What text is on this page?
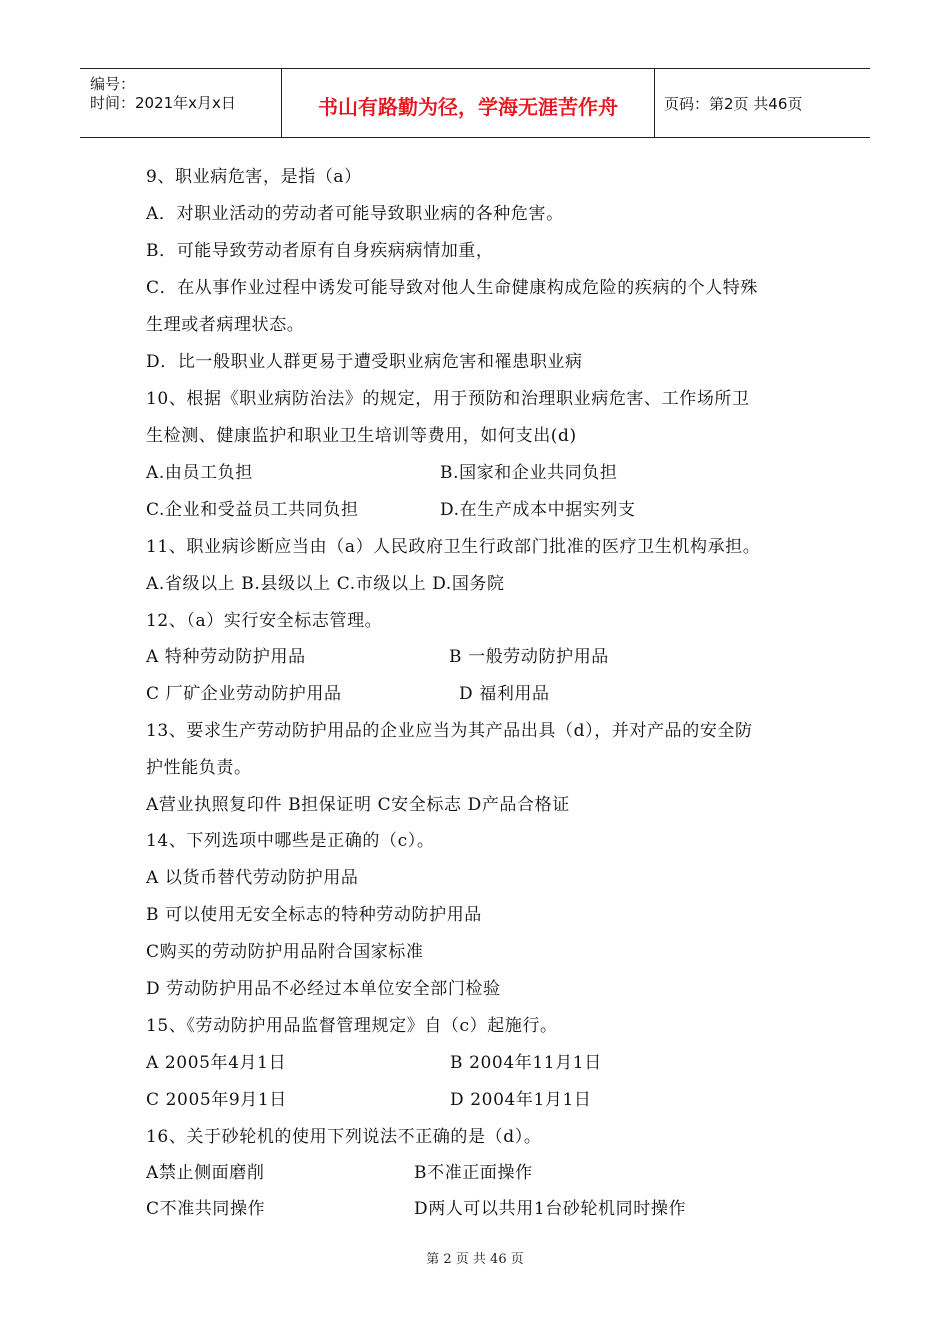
编号：
时间：2021年x月x日	书山有路勤为径，学海无涯苦作舟	页码：第2页 共46页
9、职业病危害，是指（a）
A．对职业活动的劳动者可能导致职业病的各种危害。
B．可能导致劳动者原有自身疾病病情加重，
C．在从事作业过程中诱发可能导致对他人生命健康构成危险的疾病的个人特殊
生理或者病理状态。
D．比一般职业人群更易于遭受职业病危害和罹患职业病
10、根据《职业病防治法》的规定，用于预防和治理职业病危害、工作场所卫
生检测、健康监护和职业卫生培训等费用，如何支出(d)
A.由员工负担	B.国家和企业共同负担
C.企业和受益员工共同负担	D.在生产成本中据实列支
11、职业病诊断应当由（a）人民政府卫生行政部门批准的医疗卫生机构承担。
A.省级以上 B.县级以上 C.市级以上 D.国务院
12、（a）实行安全标志管理。
A 特种劳动防护用品	B 一般劳动防护用品
C 厂矿企业劳动防护用品	D 福利用品
13、要求生产劳动防护用品的企业应当为其产品出具（d），并对产品的安全防
护性能负责。
A营业执照复印件 B担保证明 C安全标志 D产品合格证
14、下列选项中哪些是正确的（c）。
A 以货币替代劳动防护用品
B 可以使用无安全标志的特种劳动防护用品
C购买的劳动防护用品附合国家标准
D 劳动防护用品不必经过本单位安全部门检验
15、《劳动防护用品监督管理规定》自（c）起施行。
A 2005年4月1日	B 2004年11月1日
C 2005年9月1日	D 2004年1月1日
16、关于砂轮机的使用下列说法不正确的是（d）。
A禁止侧面磨削	B不准正面操作
C不准共同操作	D两人可以共用1台砂轮机同时操作
第 2 页 共 46 页
